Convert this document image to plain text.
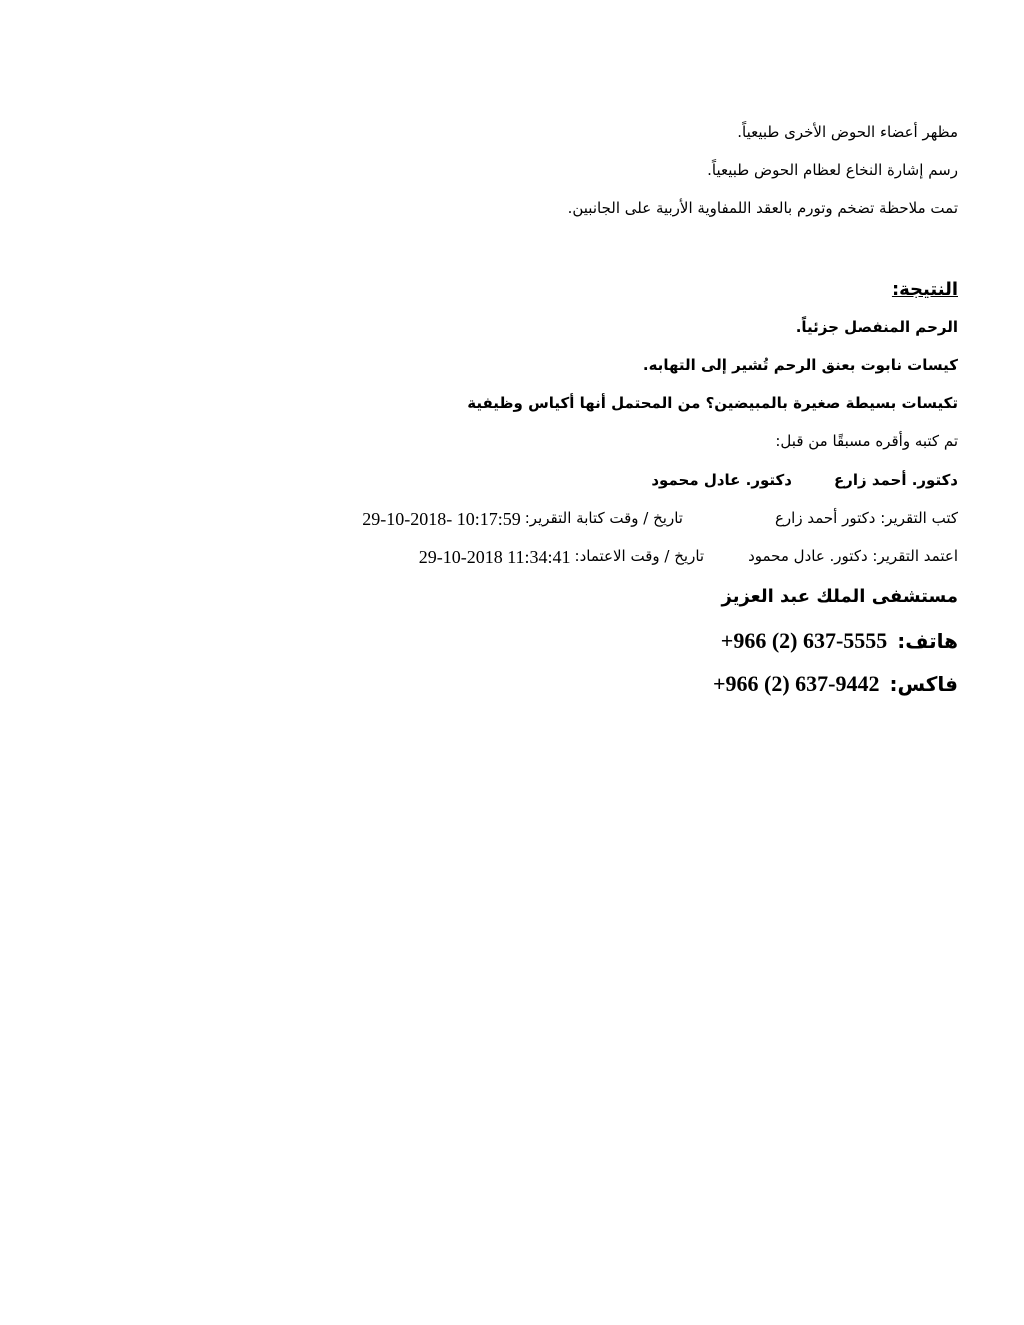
مظهر أعضاء الحوض الأخرى طبيعياً.
رسم إشارة النخاع لعظام الحوض طبيعياً.
تمت ملاحظة تضخم وتورم بالعقد اللمفاوية الأربية على الجانبين.
النتيجة:
الرحم المنفصل جزئياً.
كيسات نابوت بعنق الرحم تُشير إلى التهابه.
تكيسات بسيطة صغيرة بالمبيضين؟ من المحتمل أنها أكياس وظيفية
تم كتبه وأقره مسبقًا من قبل:
دكتور. أحمد زارع
دكتور. عادل محمود
كتب التقرير: دكتور أحمد زارع
تاريخ / وقت كتابة التقرير:
29-10-2018- 10:17:59
اعتمد التقرير: دكتور. عادل محمود
تاريخ / وقت الاعتماد:
29-10-2018 11:34:41
مستشفى الملك عبد العزيز
هاتف:
+966 (2) 637-5555
فاكس:
+966 (2) 637-9442
